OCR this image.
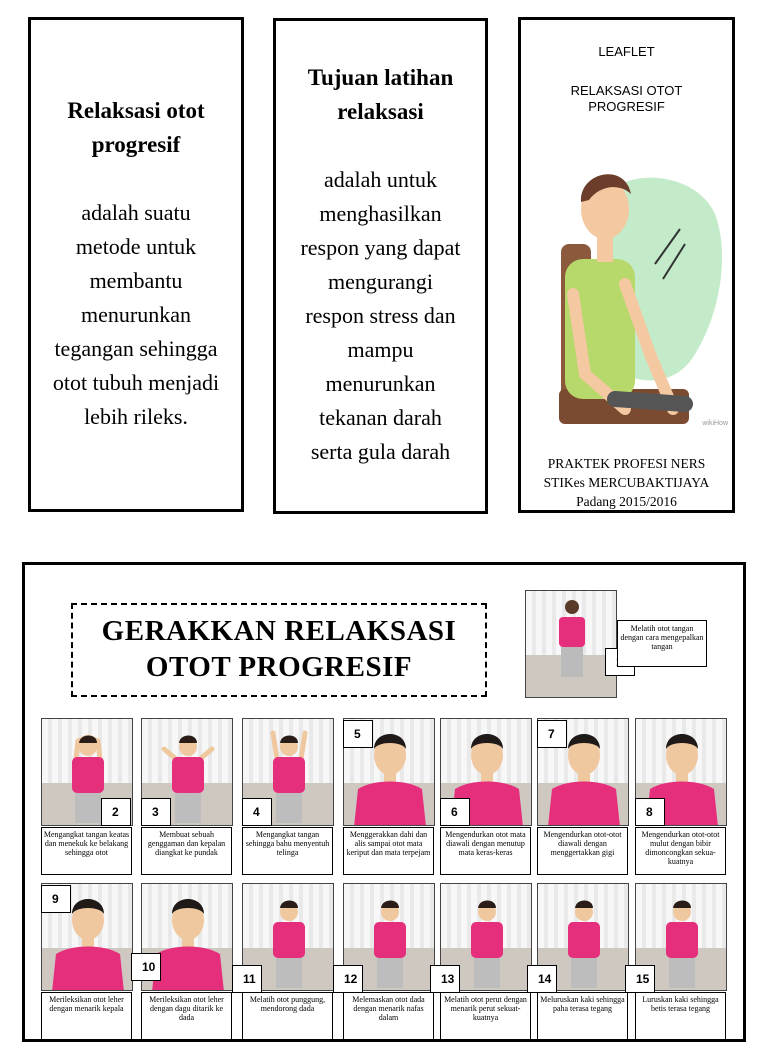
Relaksasi otot
progresif
adalah suatu
metode untuk
membantu
menurunkan
tegangan sehingga
otot tubuh menjadi
lebih rileks.
Tujuan latihan
relaksasi
adalah untuk
menghasilkan
respon yang dapat
mengurangi
respon stress dan
mampu
menurunkan
tekanan darah
serta gula darah
LEAFLET
RELAKSASI OTOT
PROGRESIF
wikiHow
PRAKTEK PROFESI NERS
STIKes MERCUBAKTIJAYA
Padang 2015/2016
GERAKKAN RELAKSASI
OTOT PROGRESIF
Melatih otot tangan dengan cara mengepalkan tangan
2
Mengangkat tangan keatas dan menekuk ke belakang sehingga otot
3
Membuat sebuah genggaman dan kepalan diangkat ke pundak
4
Mengangkat tangan sehingga bahu menyentuh telinga
5
Menggerakkan dahi dan alis sampai otot mata keriput dan mata terpejam
6
Mengendurkan otot mata diawali dengan menutup mata keras-keras
7
Mengendurkan otot-otot diawali dengan menggertakkan gigi
8
Mengendurkan otot-otot mulut dengan bibir dimoncongkan sekua-kuatnya
9
Merileksikan otot leher dengan menarik kepala
10
Merileksikan otot leher dengan dagu ditarik ke dada
11
Melatih otot punggung, mendorong dada
12
Melemaskan otot dada dengan menarik nafas dalam
13
Melatih otot perut dengan menarik perut sekuat-kuatnya
14
Meluruskan kaki sehingga paha terasa tegang
15
Luruskan kaki sehingga betis terasa tegang
